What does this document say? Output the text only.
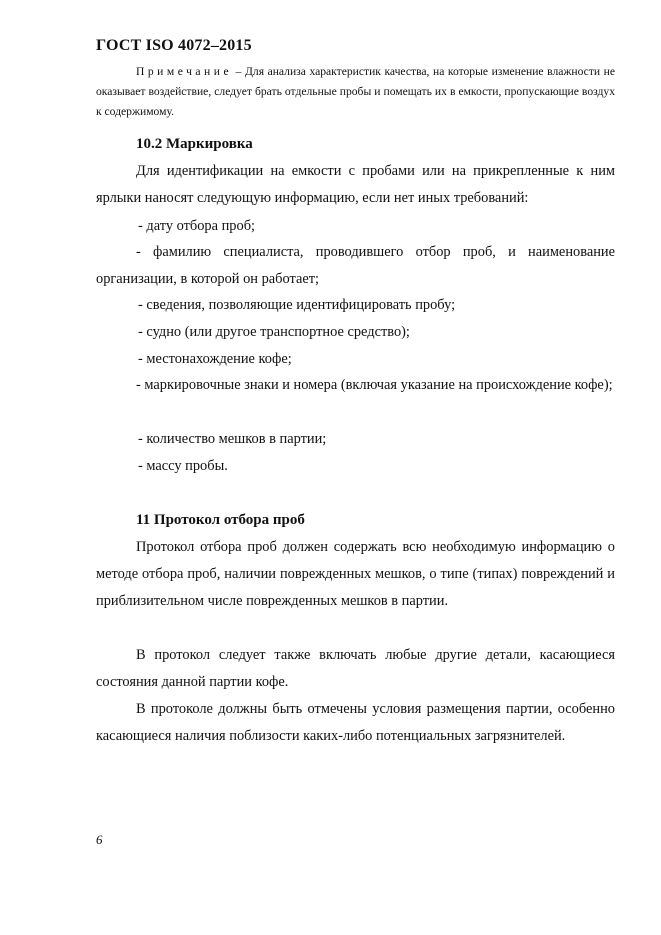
ГОСТ ISO 4072–2015
Примечание – Для анализа характеристик качества, на которые изменение влажности не оказывает воздействие, следует брать отдельные пробы и помещать их в емкости, пропускающие воздух к содержимому.
10.2 Маркировка
Для идентификации на емкости с пробами или на прикрепленные к ним ярлыки наносят следующую информацию, если нет иных требований:
- дату отбора проб;
- фамилию специалиста, проводившего отбор проб, и наименование организации, в которой он работает;
- сведения, позволяющие идентифицировать пробу;
- судно (или другое транспортное средство);
- местонахождение кофе;
- маркировочные знаки и номера (включая указание на происхождение кофе);
- количество мешков в партии;
- массу пробы.
11 Протокол отбора проб
Протокол отбора проб должен содержать всю необходимую информацию о методе отбора проб, наличии поврежденных мешков, о типе (типах) повреждений и приблизительном числе поврежденных мешков в партии.
В протокол следует также включать любые другие детали, касающиеся состояния данной партии кофе.
В протоколе должны быть отмечены условия размещения партии, особенно касающиеся наличия поблизости каких-либо потенциальных загрязнителей.
6
